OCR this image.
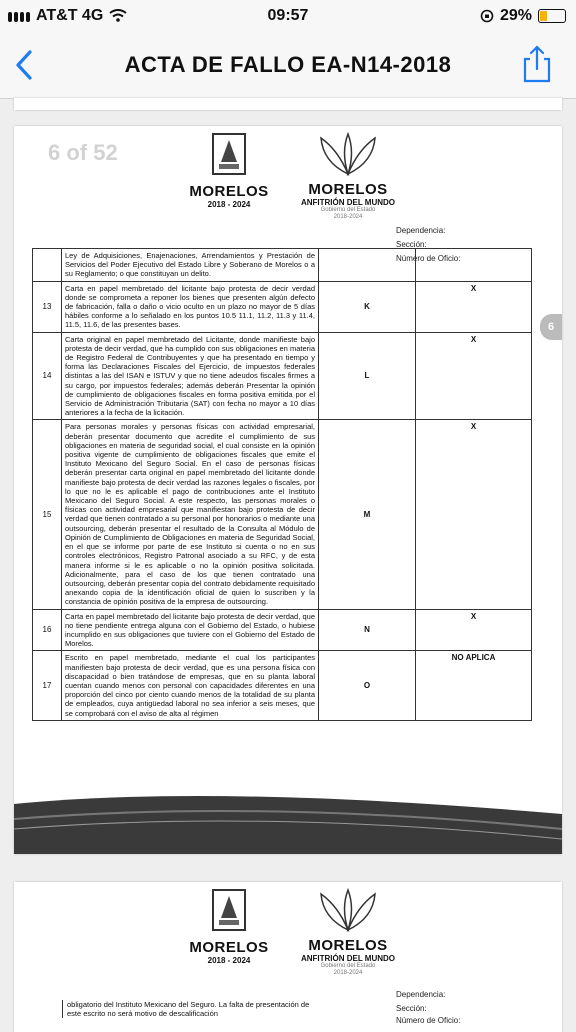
AT&T 4G	09:57	29%
ACTA DE FALLO EA-N14-2018
6 of 52
MORELOS
2018 - 2024
MORELOS
ANFITRIÓN DEL MUNDO
Gobierno del Estado
2018-2024
Dependencia:
Sección:
Número de Oficio:
	Ley de Adquisiciones, Enajenaciones, Arrendamientos y Prestación de Servicios del Poder Ejecutivo del Estado Libre y Soberano de Morelos o a su Reglamento; o que constituyan un delito.		
13	Carta en papel membretado del licitante bajo protesta de decir verdad donde se comprometa a reponer los bienes que presenten algún defecto de fabricación, falla o daño o vicio oculto en un plazo no mayor de 5 días hábiles conforme a lo señalado en los puntos 10.5 11.1, 11.2, 11.3 y 11.4, 11.5, 11.6, de las presentes bases.	K	X
14	Carta original en papel membretado del Licitante, donde manifieste bajo protesta de decir verdad, que ha cumplido con sus obligaciones en materia de Registro Federal de Contribuyentes y que ha presentado en tiempo y forma las Declaraciones Fiscales del Ejercicio, de impuestos federales distintas a las del ISAN e ISTUV y que no tiene adeudos fiscales firmes a su cargo, por impuestos federales; además deberán Presentar la opinión de cumplimiento de obligaciones fiscales en forma positiva emitida por el Servicio de Administración Tributaria (SAT) con fecha no mayor a 10 días anteriores a la fecha de la licitación.	L	X
15	Para personas morales y personas físicas con actividad empresarial, deberán presentar documento que acredite el cumplimiento de sus obligaciones en materia de seguridad social, el cual consiste en la opinión positiva vigente de cumplimiento de obligaciones fiscales que emite el Instituto Mexicano del Seguro Social. En el caso de personas físicas deberán presentar carta original en papel membretado del licitante donde manifieste bajo protesta de decir verdad las razones legales o fiscales, por lo que no le es aplicable el pago de contribuciones ante el Instituto Mexicano del Seguro Social. A este respecto, las personas morales o físicas con actividad empresarial que manifiestan bajo protesta de decir verdad que tienen contratado a su personal por honorarios o mediante una outsourcing, deberán presentar el resultado de la Consulta al Módulo de Opinión de Cumplimiento de Obligaciones en materia de Seguridad Social, en el que se informe por parte de ese Instituto si cuenta o no en sus controles electrónicos, Registro Patronal asociado a su RFC, y de esta manera informe si le es aplicable o no la opinión positiva solicitada. Adicionalmente, para el caso de los que tienen contratado una outsourcing, deberán presentar copia del contrato debidamente requisitado anexando copia de la identificación oficial de quien lo suscriben y la constancia de opinión positiva de la empresa de outsourcing.	M	X
16	Carta en papel membretado del licitante bajo protesta de decir verdad, que no tiene pendiente entrega alguna con el Gobierno del Estado, o hubiese incumplido en sus obligaciones que tuviere con el Gobierno del Estado de Morelos.	N	X
17	Escrito en papel membretado, mediante el cual los participantes manifiesten bajo protesta de decir verdad, que es una persona física con discapacidad o bien tratándose de empresas, que en su planta laboral cuentan cuando menos con personal con capacidades diferentes en una proporción del cinco por ciento cuando menos de la totalidad de su planta de empleados, cuya antigüedad laboral no sea inferior a seis meses, que se comprobará con el aviso de alta al régimen	O	NO APLICA
6
MORELOS
2018 - 2024
MORELOS
ANFITRIÓN DEL MUNDO
Gobierno del Estado
2018-2024
Dependencia:
Sección:
Número de Oficio:
obligatorio del Instituto Mexicano del Seguro. La falta de presentación de este escrito no será motivo de descalificación
